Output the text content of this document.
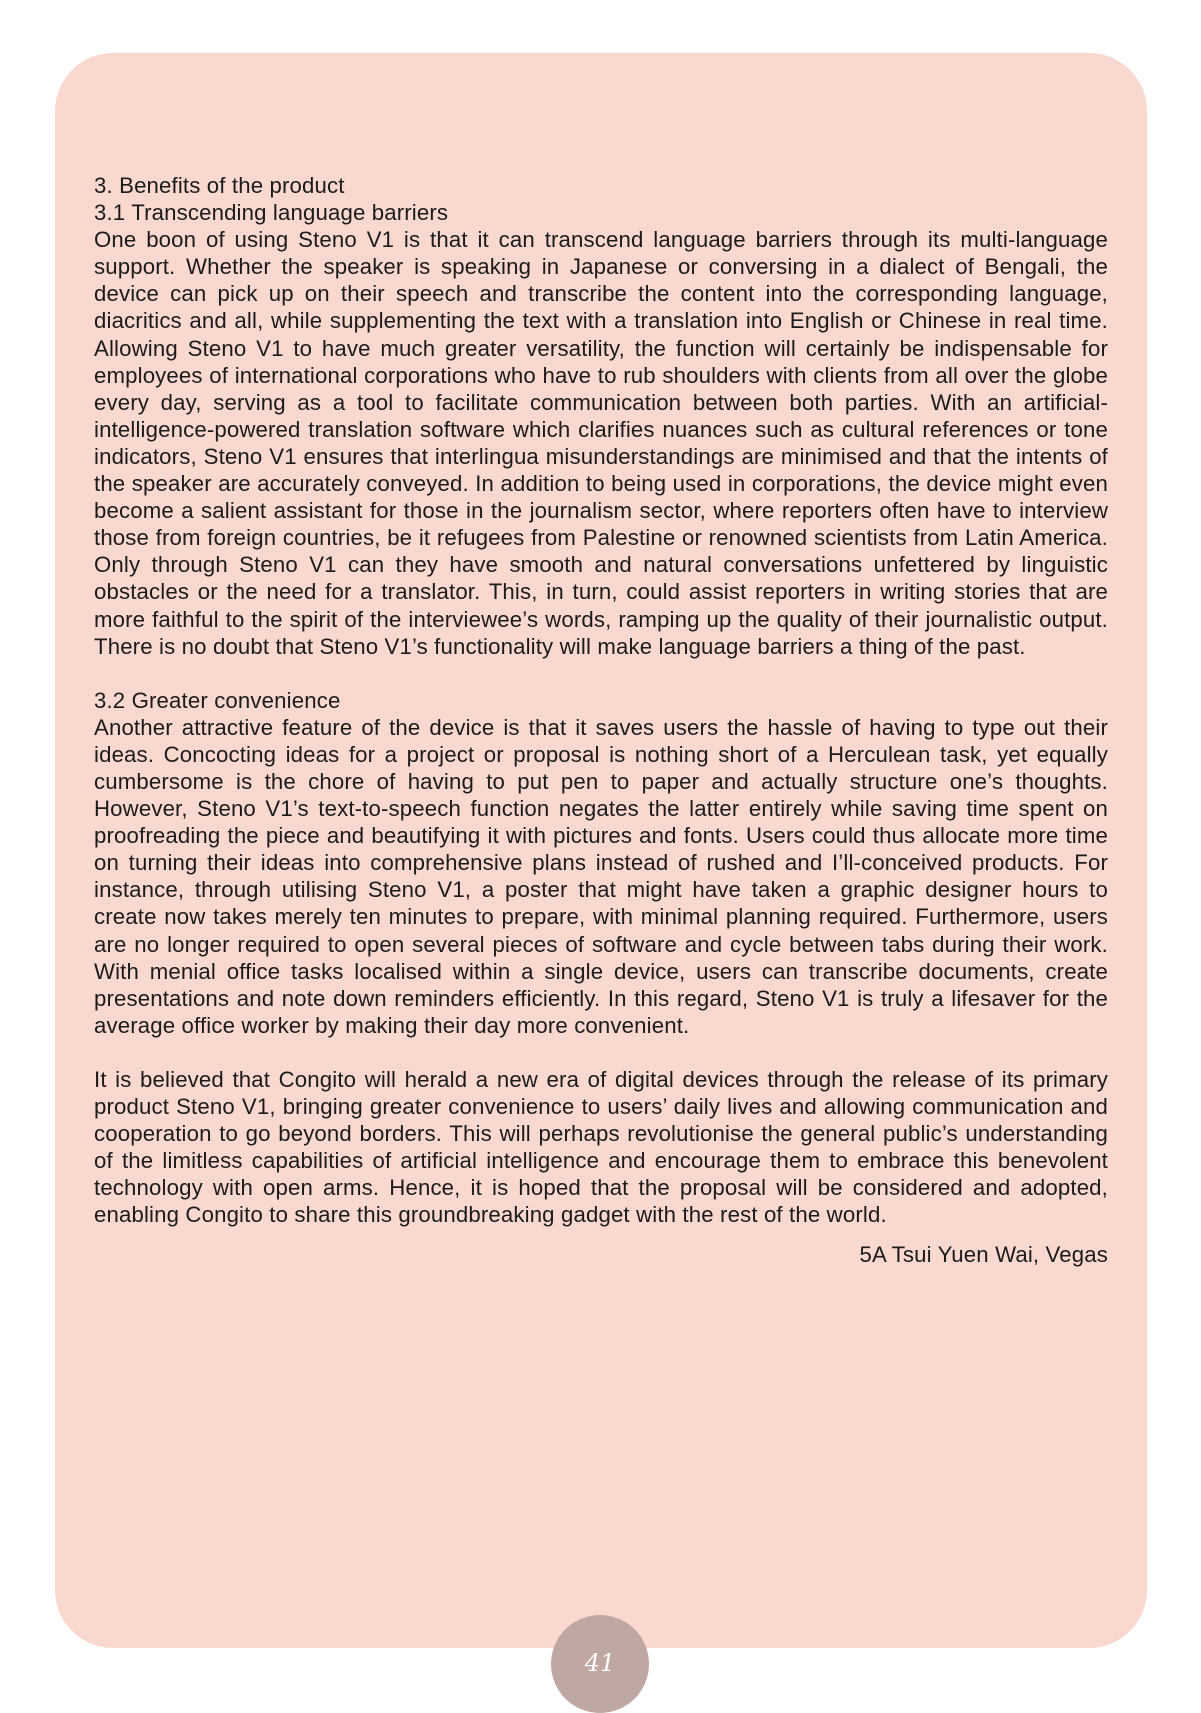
3. Benefits of the product

3.1 Transcending language barriers

One boon of using Steno V1 is that it can transcend language barriers through its multi-language support. Whether the speaker is speaking in Japanese or conversing in a dialect of Bengali, the device can pick up on their speech and transcribe the content into the corresponding language, diacritics and all, while supplementing the text with a translation into English or Chinese in real time. Allowing Steno V1 to have much greater versatility, the function will certainly be indispensable for employees of international corporations who have to rub shoulders with clients from all over the globe every day, serving as a tool to facilitate communication between both parties. With an artificial-intelligence-powered translation software which clarifies nuances such as cultural references or tone indicators, Steno V1 ensures that interlingua misunderstandings are minimised and that the intents of the speaker are accurately conveyed. In addition to being used in corporations, the device might even become a salient assistant for those in the journalism sector, where reporters often have to interview those from foreign countries, be it refugees from Palestine or renowned scientists from Latin America. Only through Steno V1 can they have smooth and natural conversations unfettered by linguistic obstacles or the need for a translator. This, in turn, could assist reporters in writing stories that are more faithful to the spirit of the interviewee’s words, ramping up the quality of their journalistic output. There is no doubt that Steno V1’s functionality will make language barriers a thing of the past.

3.2 Greater convenience

Another attractive feature of the device is that it saves users the hassle of having to type out their ideas. Concocting ideas for a project or proposal is nothing short of a Herculean task, yet equally cumbersome is the chore of having to put pen to paper and actually structure one’s thoughts. However, Steno V1’s text-to-speech function negates the latter entirely while saving time spent on proofreading the piece and beautifying it with pictures and fonts. Users could thus allocate more time on turning their ideas into comprehensive plans instead of rushed and I’ll-conceived products. For instance, through utilising Steno V1, a poster that might have taken a graphic designer hours to create now takes merely ten minutes to prepare, with minimal planning required. Furthermore, users are no longer required to open several pieces of software and cycle between tabs during their work. With menial office tasks localised within a single device, users can transcribe documents, create presentations and note down reminders efficiently. In this regard, Steno V1 is truly a lifesaver for the average office worker by making their day more convenient.

It is believed that Congito will herald a new era of digital devices through the release of its primary product Steno V1, bringing greater convenience to users’ daily lives and allowing communication and cooperation to go beyond borders. This will perhaps revolutionise the general public’s understanding of the limitless capabilities of artificial intelligence and encourage them to embrace this benevolent technology with open arms. Hence, it is hoped that the proposal will be considered and adopted, enabling Congito to share this groundbreaking gadget with the rest of the world.

5A Tsui Yuen Wai, Vegas

41
